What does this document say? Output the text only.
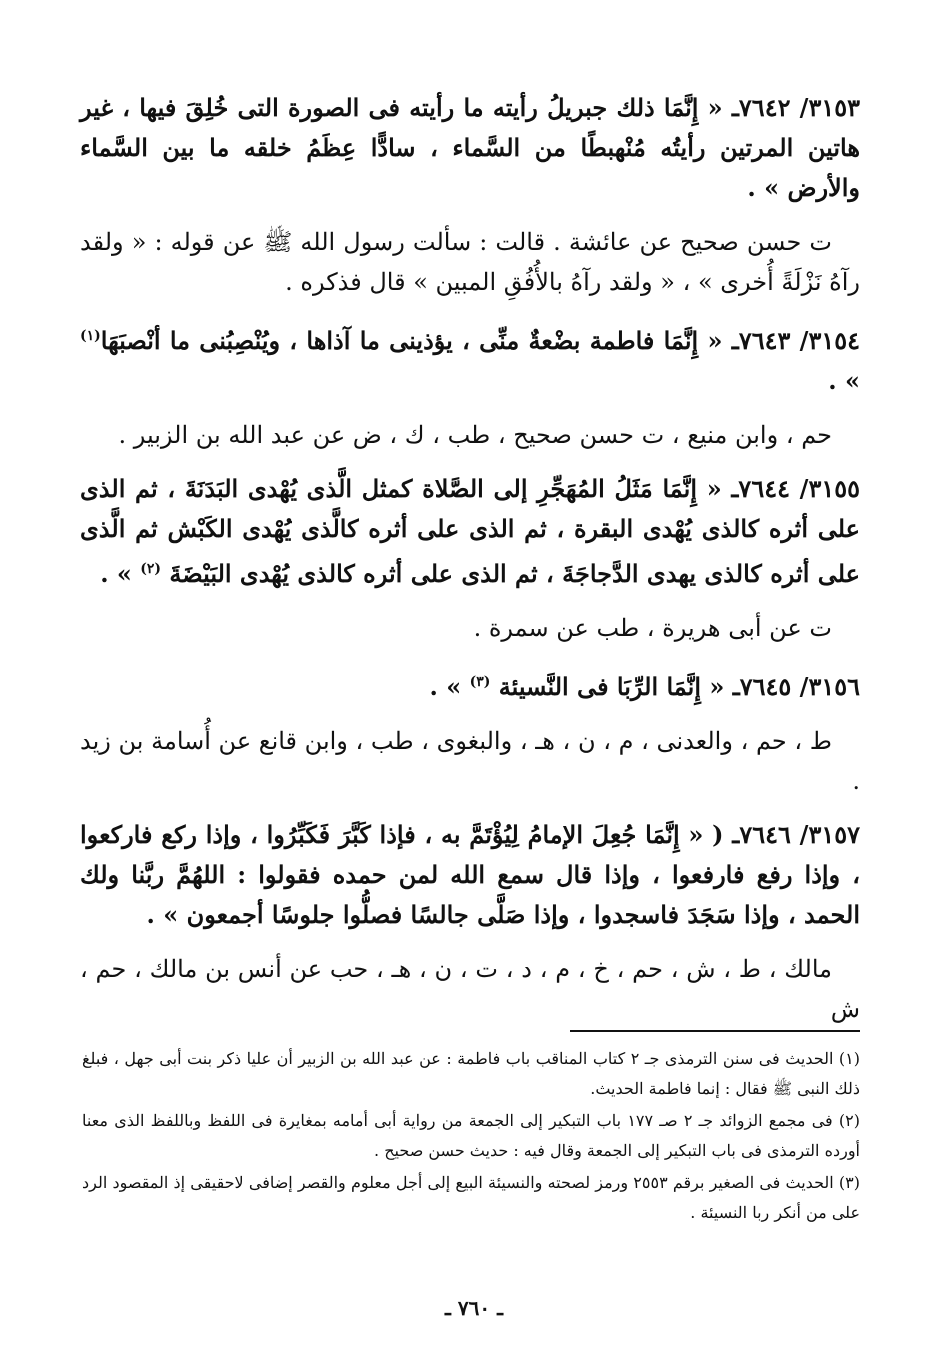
٣١٥٣/ ٧٦٤٢ـ « إِنَّمَا ذلك جبريلُ رأيته ما رأيته فى الصورة التى خُلِقَ فيها ، غير هاتين المرتين رأيتُه مُنْهبطًا من السَّماء ، سادًّا عِظَمُ خلقه ما بين السَّماء والأرض » .

ت حسن صحيح عن عائشة . قالت : سألت رسول الله ﷺ عن قوله : « ولقد رآهُ نَزْلَةً أُخرى » ، « ولقد رآهُ بالأُفُقِ المبين » قال فذكره .

٣١٥٤/ ٧٦٤٣ـ « إِنَّمَا فاطمة بضْعةٌ منِّى ، يؤذينى ما آذاها ، ويُنْصِبُنى ما أنْصبَهَا$^{(١)}$ » .

حم ، وابن منيع ، ت حسن صحيح ، طب ، ك ، ض عن عبد الله بن الزبير .

٣١٥٥/ ٧٦٤٤ـ « إِنَّمَا مَثَلُ المُهَجِّرِ إلى الصَّلاة كمثل الَّذى يُهْدى البَدَنَةَ ، ثم الذى على أثره كالذى يُهْدى البقرة ، ثم الذى على أثره كالَّذى يُهْدى الكَبْش ثم الَّذى على أثره كالذى يهدى الدَّجاجَةَ ، ثم الذى على أثره كالذى يُهْدى البَيْضَةَ $^{(٢)}$ » .

ت عن أبى هريرة ، طب عن سمرة .

٣١٥٦/ ٧٦٤٥ـ « إِنَّمَا الرِّبَا فى النَّسيئة $^{(٣)}$ » .

ط ، حم ، والعدنى ، م ، ن ، هـ ، والبغوى ، طب ، وابن قانع عن أُسامة بن زيد .

٣١٥٧/ ٧٦٤٦ـ ( « إِنَّمَا جُعِلَ الإمامُ لِيُؤْتَمَّ به ، فإذا كَبَّرَ فَكَبِّرُوا ، وإذا ركع فاركعوا ، وإذا رفع فارفعوا ، وإذا قال سمع الله لمن حمده فقولوا : اللهُمَّ ربَّنا ولك الحمد ، وإذا سَجَدَ فاسجدوا ، وإذا صَلَّى جالسًا فصلُّوا جلوسًا أجمعون » .

مالك ، ط ، ش ، حم ، خ ، م ، د ، ت ، ن ، هـ ، حب عن أنس بن مالك ، حم ، ش

(١) الحديث فى سنن الترمذى جـ ٢ كتاب المناقب باب فاطمة : عن عبد الله بن الزبير أن عليا ذكر بنت أبى جهل ، فبلغ ذلك النبى ﷺ فقال : إنما فاطمة الحديث.

(٢) فى مجمع الزوائد جـ ٢ صـ ١٧٧ باب التبكير إلى الجمعة من رواية أبى أمامه بمغايرة فى اللفظ وباللفظ الذى معنا أورده الترمذى فى باب التبكير إلى الجمعة وقال فيه : حديث حسن صحيح .

(٣) الحديث فى الصغير برقم ٢٥٥٣ ورمز لصحته والنسيئة البيع إلى أجل معلوم والقصر إضافى لاحقيقى إذ المقصود الرد على من أنكر ربا النسيئة .

ـ ٧٦٠ ـ
